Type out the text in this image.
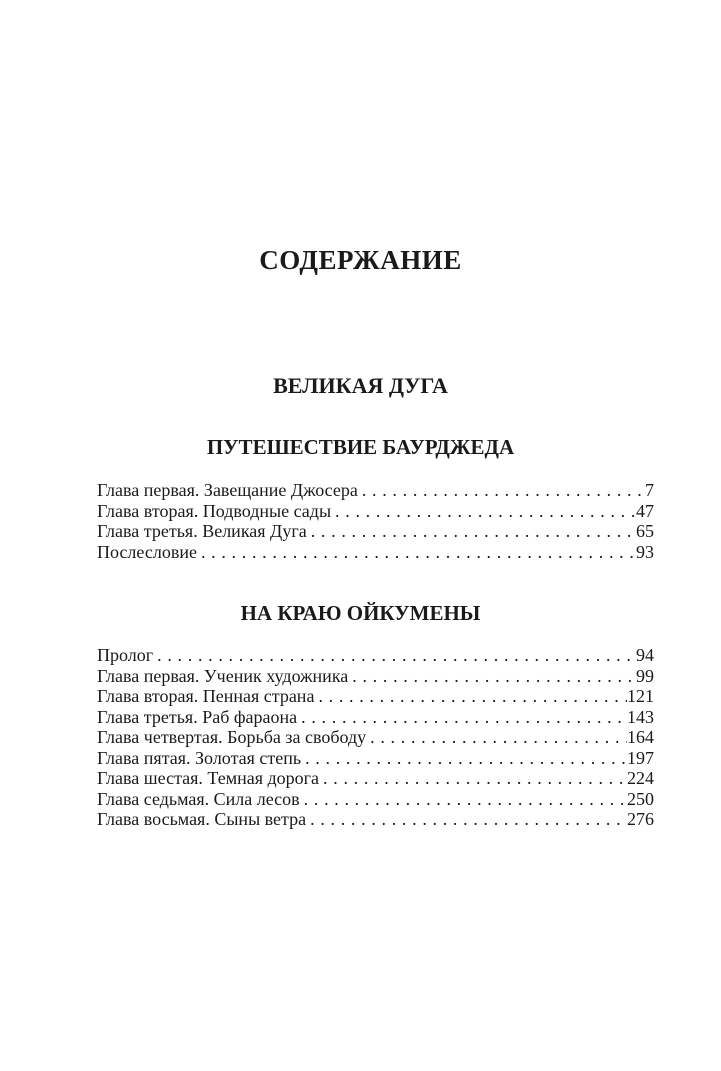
СОДЕРЖАНИЕ
ВЕЛИКАЯ ДУГА
ПУТЕШЕСТВИЕ БАУРДЖЕДА
Глава первая. Завещание Джосера . . .	7
Глава вторая. Подводные сады . . .	47
Глава третья. Великая Дуга . . .	65
Послесловие . . .	93
НА КРАЮ ОЙКУМЕНЫ
Пролог . . .	94
Глава первая. Ученик художника . . .	99
Глава вторая. Пенная страна . . .	121
Глава третья. Раб фараона . . .	143
Глава четвертая. Борьба за свободу . . .	164
Глава пятая. Золотая степь . . .	197
Глава шестая. Темная дорога . . .	224
Глава седьмая. Сила лесов . . .	250
Глава восьмая. Сыны ветра . . .	276
